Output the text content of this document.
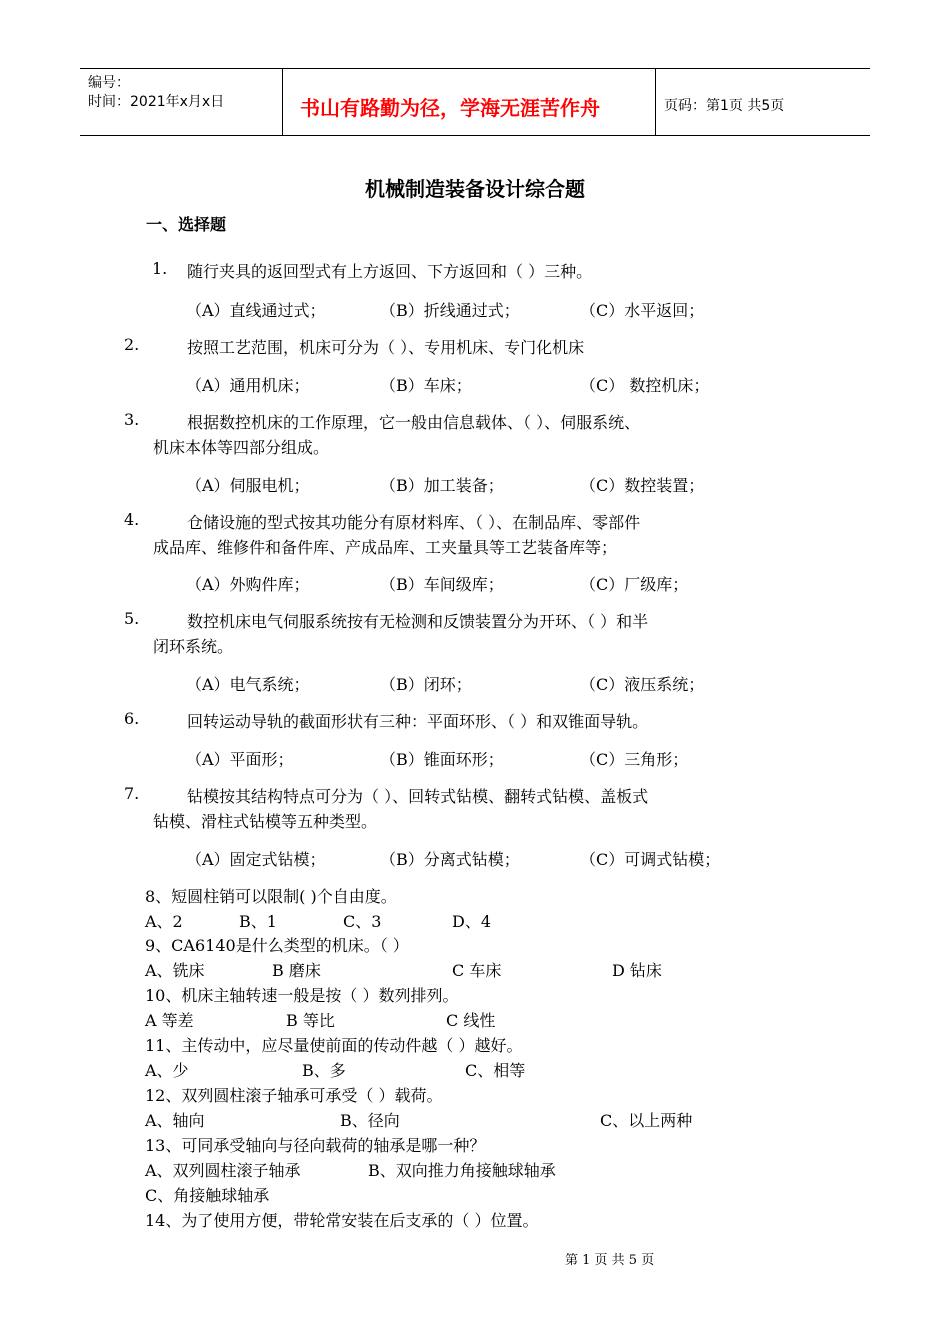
编号：
时间：2021年x月x日	书山有路勤为径，学海无涯苦作舟	页码：第1页 共5页
机械制造装备设计综合题
一、选择题
1. 随行夹具的返回型式有上方返回、下方返回和（ ）三种。
（A）直线通过式；	（B）折线通过式；	（C）水平返回；
2.	按照工艺范围，机床可分为（ ）、专用机床、专门化机床
（A）通用机床；	（B）车床；	（C） 数控机床；
3.	根据数控机床的工作原理，它一般由信息载体、（ ）、伺服系统、
机床本体等四部分组成。
（A）伺服电机；	（B）加工装备；	（C）数控装置；
4.	仓储设施的型式按其功能分有原材料库、（ ）、在制品库、零部件
成品库、维修件和备件库、产成品库、工夹量具等工艺装备库等；
（A）外购件库；	（B）车间级库；	（C）厂级库；
5.	数控机床电气伺服系统按有无检测和反馈装置分为开环、（ ）和半
闭环系统。
（A）电气系统；	（B）闭环；	（C）液压系统；
6.	回转运动导轨的截面形状有三种：平面环形、（ ）和双锥面导轨。
（A）平面形；	（B）锥面环形；	（C）三角形；
7.	钻模按其结构特点可分为（ ）、回转式钻模、翻转式钻模、盖板式
钻模、滑柱式钻模等五种类型。
（A）固定式钻模；	（B）分离式钻模；	（C）可调式钻模；
8、短圆柱销可以限制( )个自由度。
A、2	B、1	C、3	D、4
9、CA6140是什么类型的机床。（ ）
A、铣床	B 磨床	C 车床	D 钻床
10、机床主轴转速一般是按（ ）数列排列。
A 等差	B 等比	C 线性
11、主传动中，应尽量使前面的传动件越（ ）越好。
A、少	B、多	C、相等
12、双列圆柱滚子轴承可承受（ ）载荷。
A、轴向	B、径向	C、以上两种
13、可同承受轴向与径向载荷的轴承是哪一种？
A、双列圆柱滚子轴承	B、双向推力角接触球轴承
C、角接触球轴承
14、为了使用方便，带轮常安装在后支承的（ ）位置。
第 1 页 共 5 页
